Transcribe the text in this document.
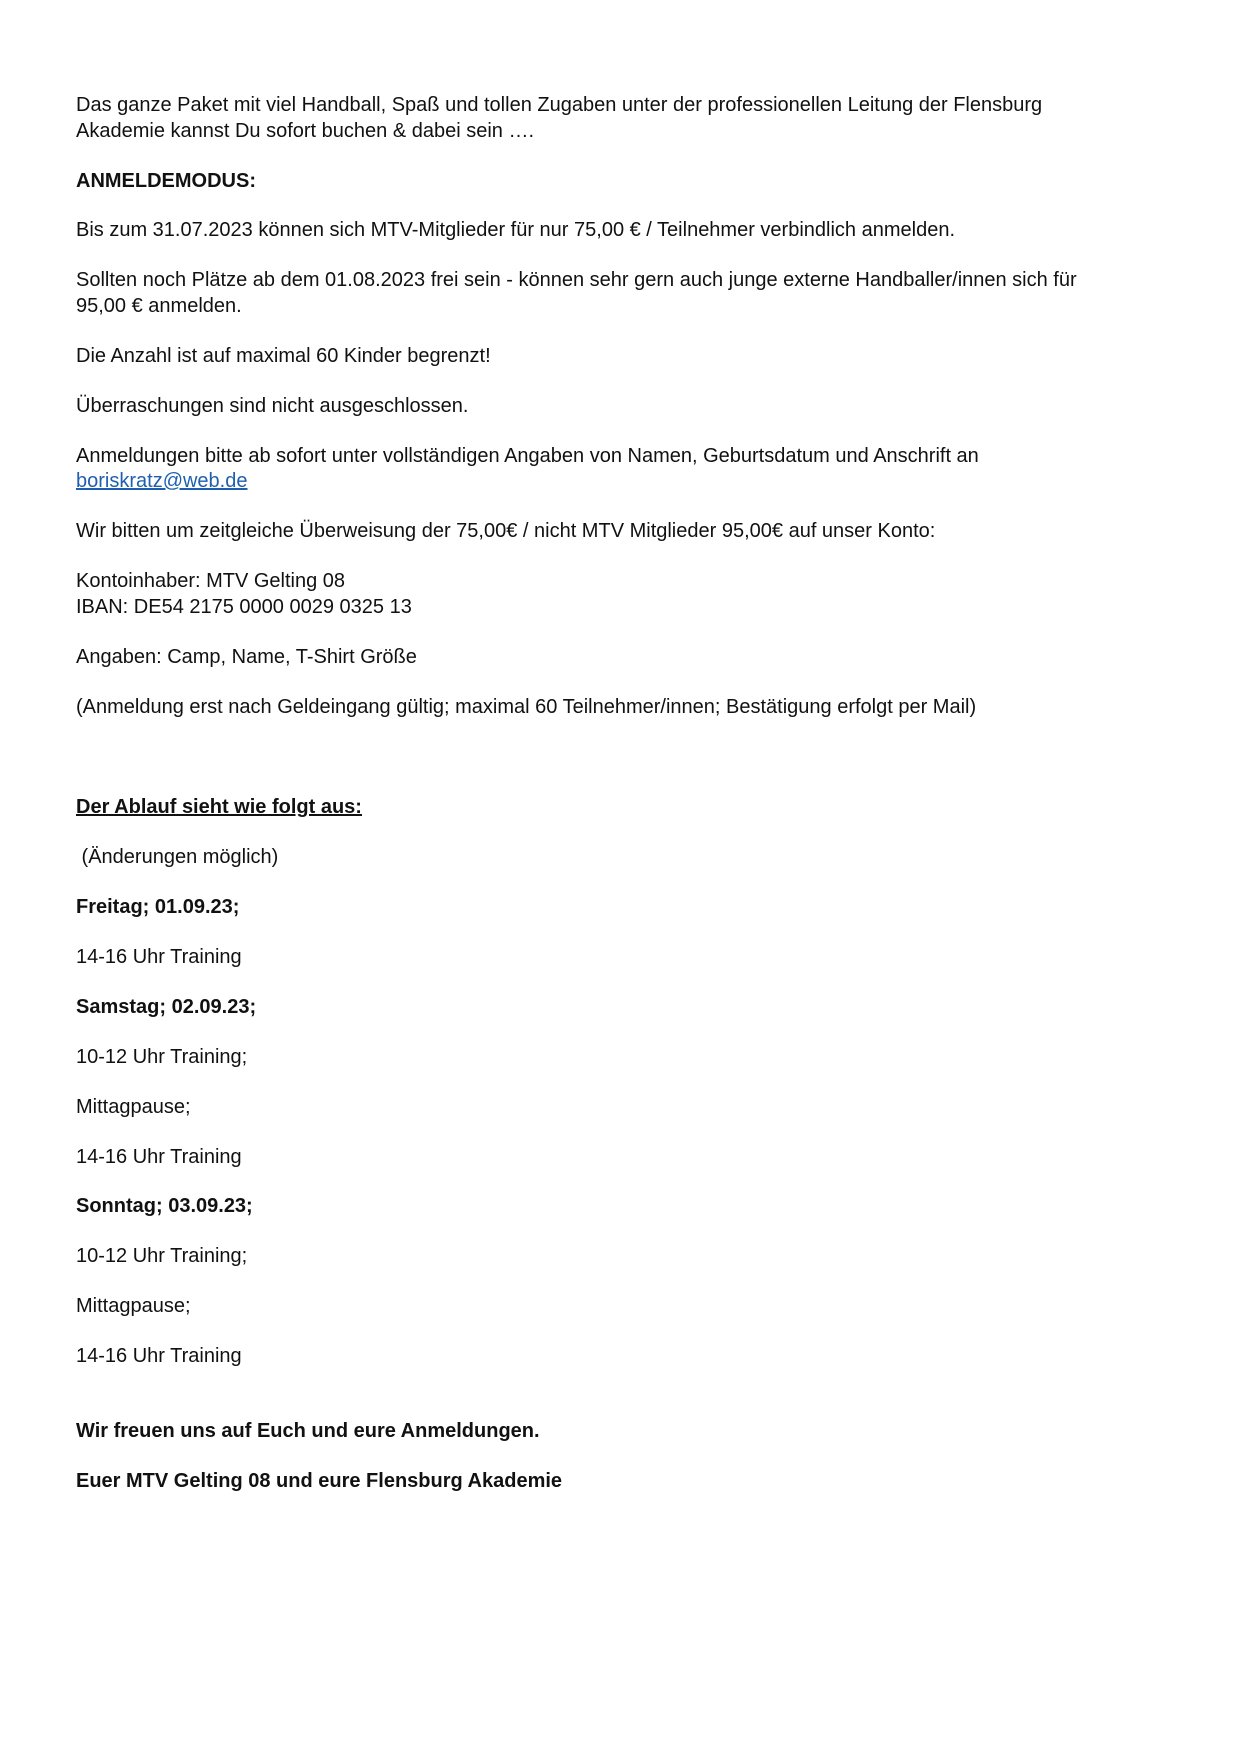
Das ganze Paket mit viel Handball, Spaß und tollen Zugaben unter der professionellen Leitung der Flensburg
Akademie kannst Du sofort buchen & dabei sein ….
ANMELDEMODUS:
Bis zum 31.07.2023 können sich MTV-Mitglieder für nur 75,00 € / Teilnehmer verbindlich anmelden.
Sollten noch Plätze ab dem 01.08.2023 frei sein - können sehr gern auch junge externe Handballer/innen sich für
95,00 € anmelden.
Die Anzahl ist auf maximal 60 Kinder begrenzt!
Überraschungen sind nicht ausgeschlossen.
Anmeldungen bitte ab sofort unter vollständigen Angaben von Namen, Geburtsdatum und Anschrift an
boriskratz@web.de
Wir bitten um zeitgleiche Überweisung der 75,00€ / nicht MTV Mitglieder 95,00€ auf unser Konto:
Kontoinhaber: MTV Gelting 08
IBAN: DE54 2175 0000 0029 0325 13
Angaben: Camp, Name, T-Shirt Größe
(Anmeldung erst nach Geldeingang gültig; maximal 60 Teilnehmer/innen; Bestätigung erfolgt per Mail)
Der Ablauf sieht wie folgt aus:
(Änderungen möglich)
Freitag; 01.09.23;
14-16 Uhr Training
Samstag; 02.09.23;
10-12 Uhr Training;
Mittagpause;
14-16 Uhr Training
Sonntag; 03.09.23;
10-12 Uhr Training;
Mittagpause;
14-16 Uhr Training
Wir freuen uns auf Euch und eure Anmeldungen.
Euer MTV Gelting 08 und eure Flensburg Akademie
